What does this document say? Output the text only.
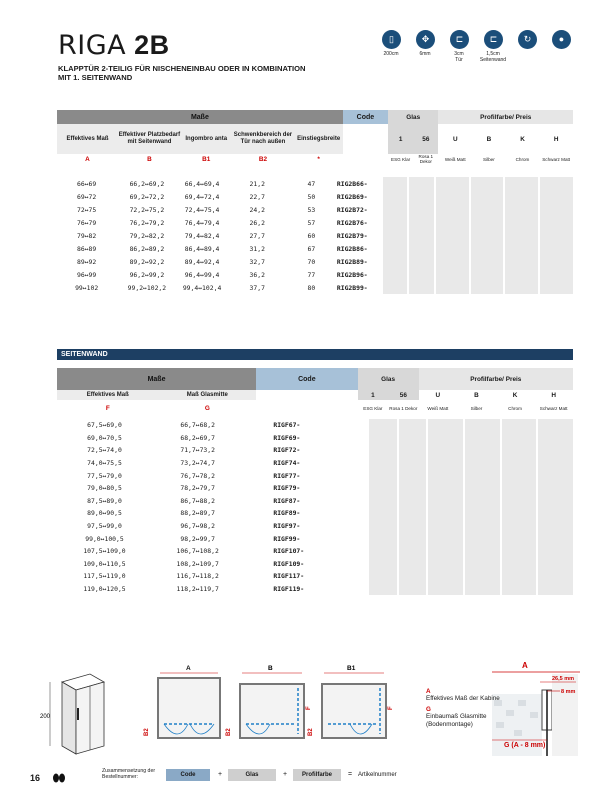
RIGA 2B
KLAPPTÜR 2-TEILIG FÜR NISCHENEINBAU ODER IN KOMBINATION
MIT 1. SEITENWAND
▯
200cm
✥
6mm
⊏
3cm
Tür
⊏
1,5cm
Seitenwand
↻	●
Maße					Code	Glas		Profilfarbe/ Preis			
Effektives Maß	Effektiver Platzbedarf mit Seitenwand	Ingombro anta	Schwenkbereich der Tür nach außen	Einstiegsbreite		1	56	U	B	K	H
A	B	B1	B2	*		ESG Klar	Rosa 1 Dekor	Weiß Matt	Silber	Chrom	Schwarz Matt
66↔69	66,2↔69,2	66,4↔69,4	21,2	47	RIG2B66-						
69↔72	69,2↔72,2	69,4↔72,4	22,7	50	RIG2B69-						
72↔75	72,2↔75,2	72,4↔75,4	24,2	53	RIG2B72-						
76↔79	76,2↔79,2	76,4↔79,4	26,2	57	RIG2B76-						
79↔82	79,2↔82,2	79,4↔82,4	27,7	60	RIG2B79-						
86↔89	86,2↔89,2	86,4↔89,4	31,2	67	RIG2B86-						
89↔92	89,2↔92,2	89,4↔92,4	32,7	70	RIG2B89-						
96↔99	96,2↔99,2	96,4↔99,4	36,2	77	RIG2B96-						
99↔102	99,2↔102,2	99,4↔102,4	37,7	80	RIG2B99-						
SEITENWAND
Maße		Code	Glas		Profilfarbe/ Preis			
Effektives Maß	Maß Glasmitte		1	56	U	B	K	H
F	G		ESG Klar	Rosa 1 Dekor	Weiß Matt	Silber	Chrom	Schwarz Matt
67,5↔69,0	66,7↔68,2	RIGF67-						
69,0↔70,5	68,2↔69,7	RIGF69-						
72,5↔74,0	71,7↔73,2	RIGF72-						
74,0↔75,5	73,2↔74,7	RIGF74-						
77,5↔79,0	76,7↔78,2	RIGF77-						
79,0↔80,5	78,2↔79,7	RIGF79-						
87,5↔89,0	86,7↔88,2	RIGF87-						
89,0↔90,5	88,2↔89,7	RIGF89-						
97,5↔99,0	96,7↔98,2	RIGF97-						
99,0↔100,5	98,2↔99,7	RIGF99-						
107,5↔109,0	106,7↔108,2	RIGF107-						
109,0↔110,5	108,2↔109,7	RIGF109-						
117,5↔119,0	116,7↔118,2	RIGF117-						
119,0↔120,5	118,2↔119,7	RIGF119-						
200
A
B2
B
B2
F
B1
B2
F
A
26,5 mm
8 mm
G (A - 8 mm)
A
Effektives Maß der Kabine
G
Einbaumaß Glasmitte (Bodenmontage)
16
Zusammensetzung der Bestellnummer:	Code	+	Glas	+	Profilfarbe	= Artikelnummer
